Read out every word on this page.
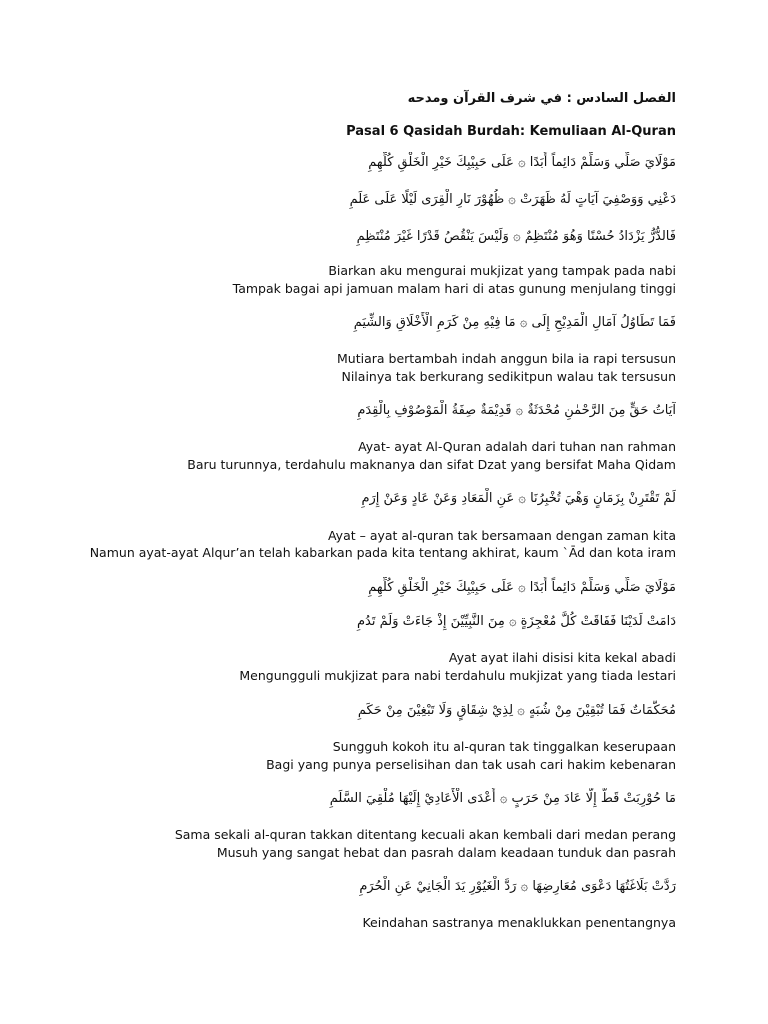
الفصل السادس : في شرف القرآن ومدحه
Pasal 6 Qasidah Burdah: Kemuliaan Al-Quran
مَوْلَايَ صَلِّي وَسَلِّمْ دَائِماً أَبَدًا ۞ عَلَى حَبِيْبِكَ خَيْرِ الْخَلْقِ كُلِّهِمِ
دَعْنِي وَوَصْفِيَ آيَاتٍ لَهُ ظَهَرَتْ ۞ ظُهُوْرَ نَارِ الْقِرَى لَيْلًا عَلَى عَلَمِ
فَالدُّرُّ يَزْدَادُ حُسْنًا وَهُوَ مُنْتَظِمٌ ۞ وَلَيْسَ يَنْقُصُ قَدْرًا غَيْرَ مُنْتَظِمِ
Biarkan aku mengurai mukjizat yang tampak pada nabi
Tampak bagai api jamuan malam hari di atas gunung menjulang tinggi
فَمَا تَطَاوُلُ آمَالِ الْمَدِيْحِ إِلَى ۞ مَا فِيْهِ مِنْ كَرَمِ الْأَخْلَاقِ وَالشِّيَمِ
Mutiara bertambah indah anggun bila ia rapi tersusun
Nilainya tak berkurang sedikitpun walau tak tersusun
آيَاتُ حَقٍّ مِنَ الرَّحْمٰنِ مُحْدَثَةٌ ۞ قَدِيْمَةٌ صِفَةُ الْمَوْصُوْفِ بِالْقِدَمِ
Ayat- ayat Al-Quran adalah dari tuhan nan rahman
Baru turunnya, terdahulu maknanya dan sifat Dzat yang bersifat Maha Qidam
لَمْ تَقْتَرِنْ بِزَمَانٍ وَهْيَ تُخْبِرُنَا ۞ عَنِ الْمَعَادِ وَعَنْ عَادٍ وَعَنْ إِرَمِ
Ayat – ayat al-quran tak bersamaan dengan zaman kita
Namun ayat-ayat Alqur’an telah kabarkan pada kita tentang akhirat, kaum `Ād dan kota iram
مَوْلَايَ صَلِّي وَسَلِّمْ دَائِماً أَبَدًا ۞ عَلَى حَبِيْبِكَ خَيْرِ الْخَلْقِ كُلِّهِمِ
دَامَتْ لَدَيْنَا فَفَاقَتْ كُلَّ مُعْجِزَةٍ ۞ مِنَ النَّبِيِّيْنَ إِذْ جَاءَتْ وَلَمْ تَدُمِ
Ayat ayat ilahi disisi kita kekal abadi
Mengungguli mukjizat para nabi terdahulu mukjizat yang tiada lestari
مُحَكَّمَاتٌ فَمَا تُبْقِيْنَ مِنْ شُبَهٍ ۞ لِذِيْ شِقَاقٍ وَلَا تَبْغِيْنَ مِنْ حَكَمِ
Sungguh kokoh itu al-quran tak tinggalkan keserupaan
Bagi yang punya perselisihan dan tak usah cari hakim kebenaran
مَا حُوْرِبَتْ قَطُّ إِلَّا عَادَ مِنْ حَرَبٍ ۞ أَعْدَى الْأَعَادِيْ إِلَيْهَا مُلْقِيَ السَّلَمِ
Sama sekali al-quran takkan ditentang kecuali akan kembali dari medan perang
Musuh yang sangat hebat dan pasrah dalam keadaan tunduk dan pasrah
رَدَّتْ بَلَاغَتُهَا دَعْوَى مُعَارِضِهَا ۞ رَدَّ الْغَيُوْرِ يَدَ الْجَانِيْ عَنِ الْحُرَمِ
Keindahan sastranya menaklukkan penentangnya
